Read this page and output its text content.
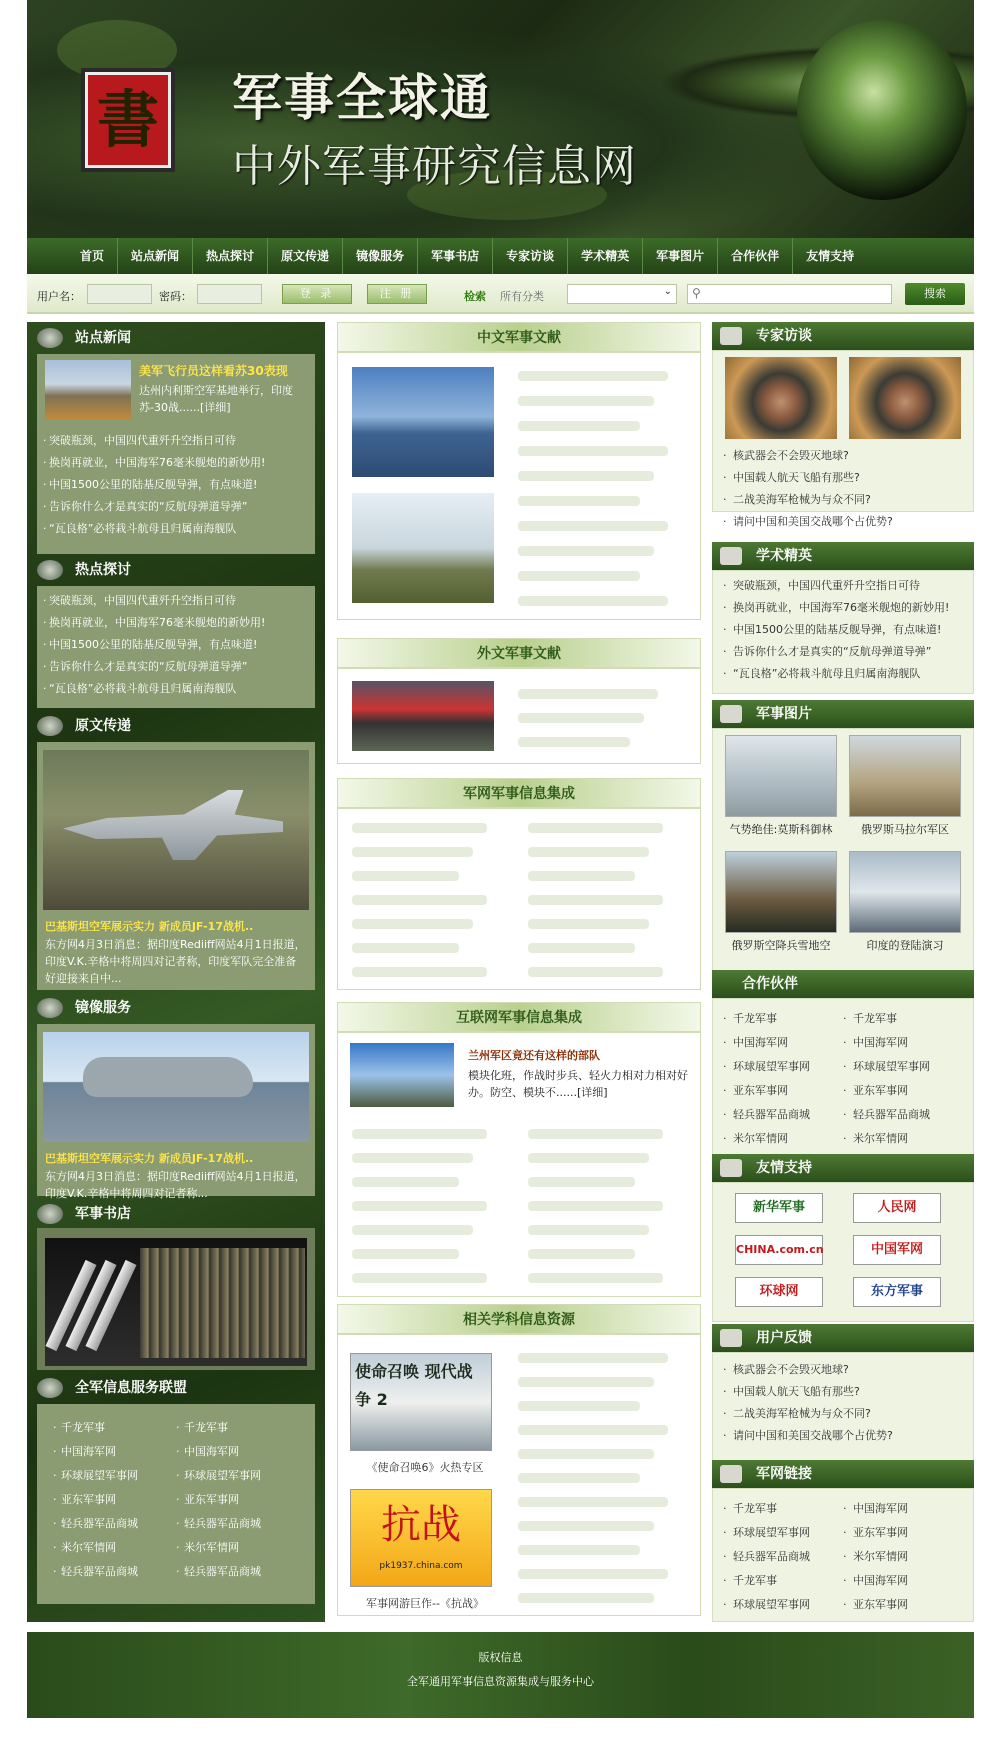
書 军事全球通
中外军事研究信息网
首页	站点新闻	热点探讨	原文传递	镜像服务	军事书店	专家访谈	学术精英	军事图片	合作伙伴	友情支持
用户名：	密码：	登 录	注 册	检索 所有分类	⌄ ⚲	搜索
站点新闻
美军飞行员这样看苏30表现
达州内利斯空军基地举行，印度苏-30战......[详细]
· 突破瓶颈，中国四代重歼升空指日可待
· 换岗再就业，中国海军76毫米舰炮的新妙用!
· 中国1500公里的陆基反舰导弹，有点味道!
· 告诉你什么才是真实的“反航母弹道导弹”
· “瓦良格”必将栽斗航母且归属南海舰队
热点探讨
· 突破瓶颈，中国四代重歼升空指日可待
· 换岗再就业，中国海军76毫米舰炮的新妙用!
· 中国1500公里的陆基反舰导弹，有点味道!
· 告诉你什么才是真实的“反航母弹道导弹”
· “瓦良格”必将栽斗航母且归属南海舰队
原文传递
巴基斯坦空军展示实力 新成员JF-17战机..
东方网4月3日消息：据印度Rediiff网站4月1日报道，印度V.K.辛格中将周四对记者称，印度军队完全准备好迎接来自中...
镜像服务
巴基斯坦空军展示实力 新成员JF-17战机..
东方网4月3日消息：据印度Rediiff网站4月1日报道，印度V.K.辛格中将周四对记者称...
军事书店
全军信息服务联盟
· 千龙军事	· 千龙军事
· 中国海军网	· 中国海军网
· 环球展望军事网	· 环球展望军事网
· 亚东军事网	· 亚东军事网
· 轻兵器军品商城	· 轻兵器军品商城
· 米尔军情网	· 米尔军情网
· 轻兵器军品商城	· 轻兵器军品商城
中文军事文献
外文军事文献
军网军事信息集成
互联网军事信息集成
兰州军区竟还有这样的部队
模块化班，作战时步兵、轻火力相对力相对好办。防空、模块不......[详细]
相关学科信息资源
使命召唤 现代战争 2
《使命召唤6》火热专区
抗战
pk1937.china.com
军事网游巨作--《抗战》
专家访谈
· 核武器会不会毁灭地球?
· 中国载人航天飞船有那些?
· 二战美海军枪械为与众不同?
· 请问中国和美国交战哪个占优势?
学术精英
· 突破瓶颈，中国四代重歼升空指日可待
· 换岗再就业，中国海军76毫米舰炮的新妙用!
· 中国1500公里的陆基反舰导弹，有点味道!
· 告诉你什么才是真实的“反航母弹道导弹”
· “瓦良格”必将栽斗航母且归属南海舰队
军事图片
气势绝佳:莫斯科御林	俄罗斯马拉尔军区
俄罗斯空降兵雪地空	印度的登陆演习
合作伙伴
· 千龙军事	· 千龙军事
· 中国海军网	· 中国海军网
· 环球展望军事网	· 环球展望军事网
· 亚东军事网	· 亚东军事网
· 轻兵器军品商城	· 轻兵器军品商城
· 米尔军情网	· 米尔军情网
友情支持
新华军事	人民网
CHINA.com.cn	中国军网
环球网	东方军事
用户反馈
· 核武器会不会毁灭地球?
· 中国载人航天飞船有那些?
· 二战美海军枪械为与众不同?
· 请问中国和美国交战哪个占优势?
军网链接
· 千龙军事	· 中国海军网
· 环球展望军事网	· 亚东军事网
· 轻兵器军品商城	· 米尔军情网
· 千龙军事	· 中国海军网
· 环球展望军事网	· 亚东军事网
版权信息
全军通用军事信息资源集成与服务中心
